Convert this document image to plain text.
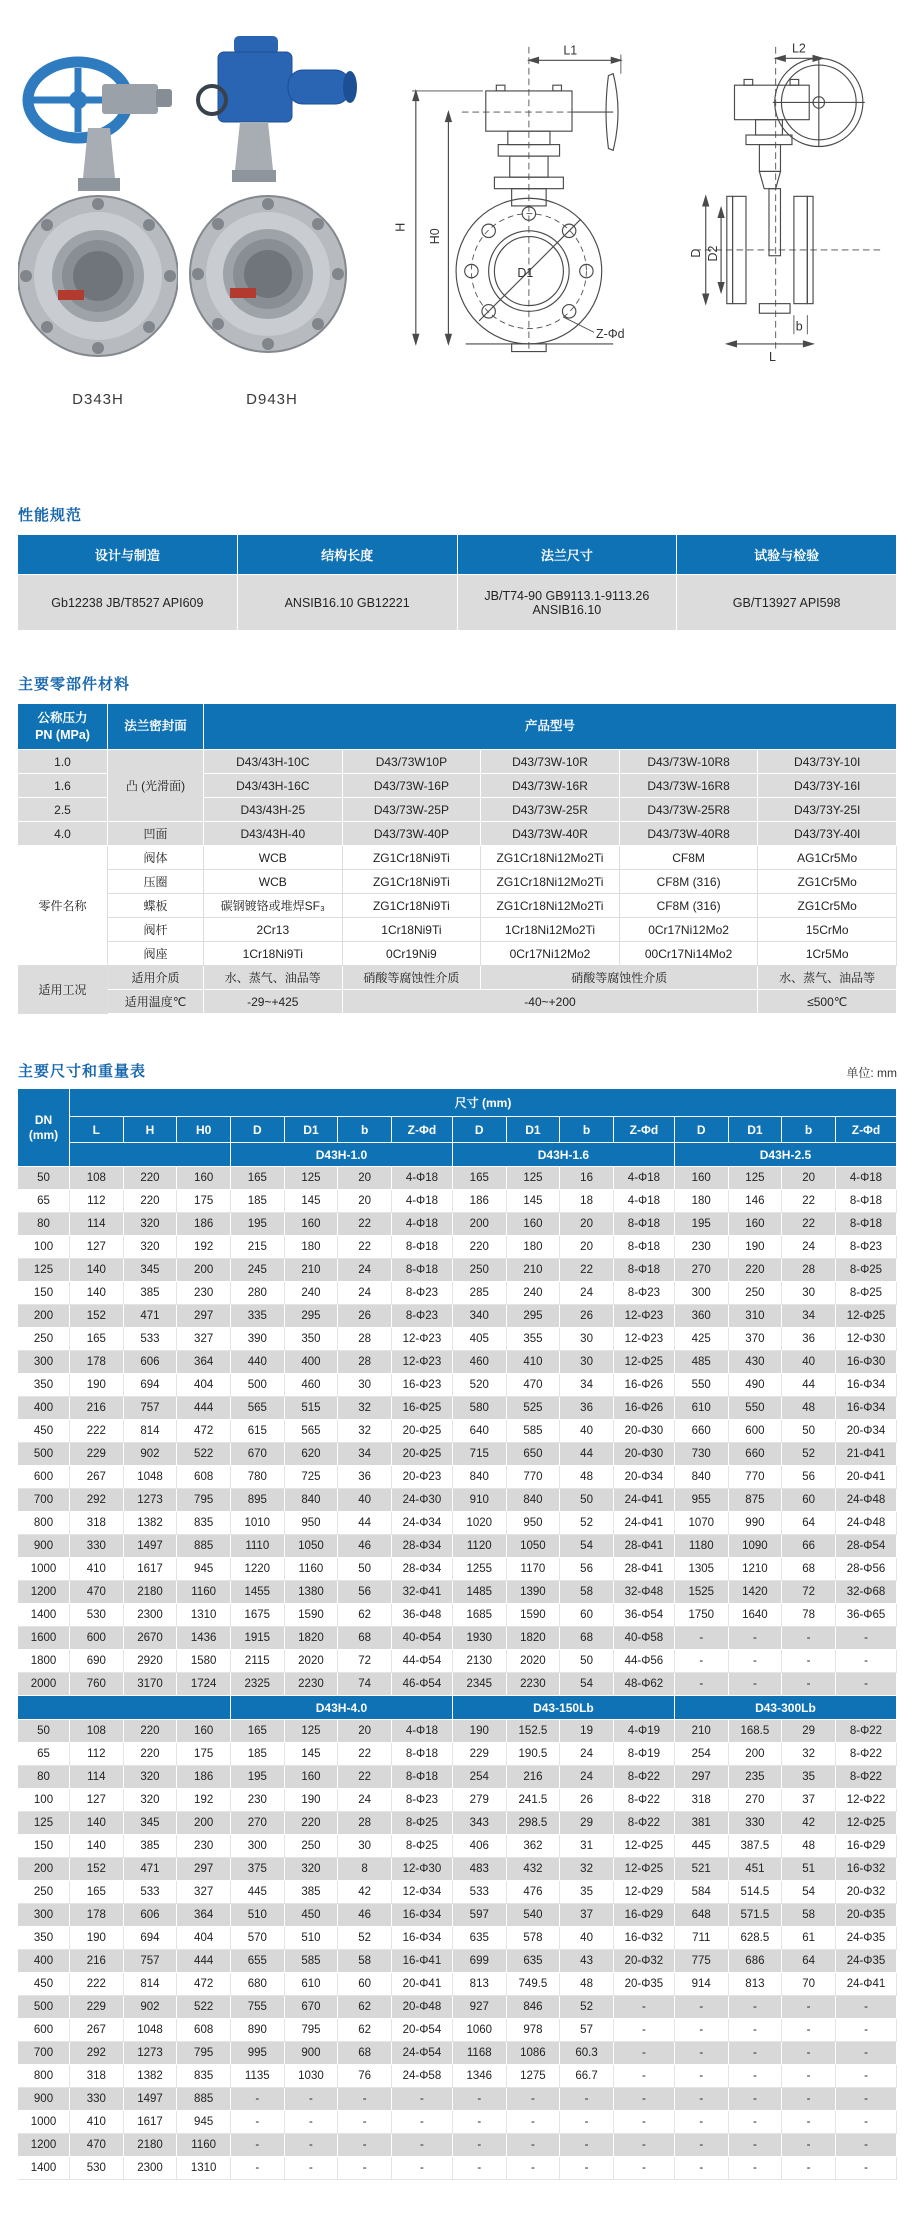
D343H	D943H
H
H0
L1
D1
Z-Φd
D D2
b
L
L2
性能规范
设计与制造	结构长度	法兰尺寸	试验与检验
Gb12238 JB/T8527 API609	ANSIB16.10 GB12221	JB/T74-90 GB9113.1-9113.26 ANSIB16.10	GB/T13927 API598
主要零部件材料
公称压力
PN (MPa)	法兰密封面	产品型号				
1.0	凸 (光滑面)	D43/43H-10C	D43/73W10P	D43/73W-10R	D43/73W-10R8	D43/73Y-10I
1.6		D43/43H-16C	D43/73W-16P	D43/73W-16R	D43/73W-16R8	D43/73Y-16I
2.5		D43/43H-25	D43/73W-25P	D43/73W-25R	D43/73W-25R8	D43/73Y-25I
4.0	凹面	D43/43H-40	D43/73W-40P	D43/73W-40R	D43/73W-40R8	D43/73Y-40I
零件名称	阀体	WCB	ZG1Cr18Ni9Ti	ZG1Cr18Ni12Mo2Ti	CF8M	AG1Cr5Mo
	压圈	WCB	ZG1Cr18Ni9Ti	ZG1Cr18Ni12Mo2Ti	CF8M (316)	ZG1Cr5Mo
	蝶板	碳钢镀铬或堆焊SF₃	ZG1Cr18Ni9Ti	ZG1Cr18Ni12Mo2Ti	CF8M (316)	ZG1Cr5Mo
	阀杆	2Cr13	1Cr18Ni9Ti	1Cr18Ni12Mo2Ti	0Cr17Ni12Mo2	15CrMo
	阀座	1Cr18Ni9Ti	0Cr19Ni9	0Cr17Ni12Mo2	00Cr17Ni14Mo2	1Cr5Mo
适用工况	适用介质	水、蒸气、油品等	硝酸等腐蚀性介质	硝酸等腐蚀性介质		水、蒸气、油品等
	适用温度℃	-29~+425	-40~+200			≤500℃
主要尺寸和重量表	单位: mm
DN
(mm)	尺寸 (mm)														
	L	H	H0	D	D1	b	Z-Φd	D	D1	b	Z-Φd	D	D1	b	Z-Φd
				D43H-1.0				D43H-1.6				D43H-2.5			
50	108	220	160	165	125	20	4-Φ18	165	125	16	4-Φ18	160	125	20	4-Φ18
65	112	220	175	185	145	20	4-Φ18	186	145	18	4-Φ18	180	146	22	8-Φ18
80	114	320	186	195	160	22	4-Φ18	200	160	20	8-Φ18	195	160	22	8-Φ18
100	127	320	192	215	180	22	8-Φ18	220	180	20	8-Φ18	230	190	24	8-Φ23
125	140	345	200	245	210	24	8-Φ18	250	210	22	8-Φ18	270	220	28	8-Φ25
150	140	385	230	280	240	24	8-Φ23	285	240	24	8-Φ23	300	250	30	8-Φ25
200	152	471	297	335	295	26	8-Φ23	340	295	26	12-Φ23	360	310	34	12-Φ25
250	165	533	327	390	350	28	12-Φ23	405	355	30	12-Φ23	425	370	36	12-Φ30
300	178	606	364	440	400	28	12-Φ23	460	410	30	12-Φ25	485	430	40	16-Φ30
350	190	694	404	500	460	30	16-Φ23	520	470	34	16-Φ26	550	490	44	16-Φ34
400	216	757	444	565	515	32	16-Φ25	580	525	36	16-Φ26	610	550	48	16-Φ34
450	222	814	472	615	565	32	20-Φ25	640	585	40	20-Φ30	660	600	50	20-Φ34
500	229	902	522	670	620	34	20-Φ25	715	650	44	20-Φ30	730	660	52	21-Φ41
600	267	1048	608	780	725	36	20-Φ23	840	770	48	20-Φ34	840	770	56	20-Φ41
700	292	1273	795	895	840	40	24-Φ30	910	840	50	24-Φ41	955	875	60	24-Φ48
800	318	1382	835	1010	950	44	24-Φ34	1020	950	52	24-Φ41	1070	990	64	24-Φ48
900	330	1497	885	1110	1050	46	28-Φ34	1120	1050	54	28-Φ41	1180	1090	66	28-Φ54
1000	410	1617	945	1220	1160	50	28-Φ34	1255	1170	56	28-Φ41	1305	1210	68	28-Φ56
1200	470	2180	1160	1455	1380	56	32-Φ41	1485	1390	58	32-Φ48	1525	1420	72	32-Φ68
1400	530	2300	1310	1675	1590	62	36-Φ48	1685	1590	60	36-Φ54	1750	1640	78	36-Φ65
1600	600	2670	1436	1915	1820	68	40-Φ54	1930	1820	68	40-Φ58	-	-	-	-
1800	690	2920	1580	2115	2020	72	44-Φ54	2130	2020	50	44-Φ56	-	-	-	-
2000	760	3170	1724	2325	2230	74	46-Φ54	2345	2230	54	48-Φ62	-	-	-	-
				D43H-4.0				D43-150Lb				D43-300Lb			
50	108	220	160	165	125	20	4-Φ18	190	152.5	19	4-Φ19	210	168.5	29	8-Φ22
65	112	220	175	185	145	22	8-Φ18	229	190.5	24	8-Φ19	254	200	32	8-Φ22
80	114	320	186	195	160	22	8-Φ18	254	216	24	8-Φ22	297	235	35	8-Φ22
100	127	320	192	230	190	24	8-Φ23	279	241.5	26	8-Φ22	318	270	37	12-Φ22
125	140	345	200	270	220	28	8-Φ25	343	298.5	29	8-Φ22	381	330	42	12-Φ25
150	140	385	230	300	250	30	8-Φ25	406	362	31	12-Φ25	445	387.5	48	16-Φ29
200	152	471	297	375	320	8	12-Φ30	483	432	32	12-Φ25	521	451	51	16-Φ32
250	165	533	327	445	385	42	12-Φ34	533	476	35	12-Φ29	584	514.5	54	20-Φ32
300	178	606	364	510	450	46	16-Φ34	597	540	37	16-Φ29	648	571.5	58	20-Φ35
350	190	694	404	570	510	52	16-Φ34	635	578	40	16-Φ32	711	628.5	61	24-Φ35
400	216	757	444	655	585	58	16-Φ41	699	635	43	20-Φ32	775	686	64	24-Φ35
450	222	814	472	680	610	60	20-Φ41	813	749.5	48	20-Φ35	914	813	70	24-Φ41
500	229	902	522	755	670	62	20-Φ48	927	846	52	-	-	-	-	-
600	267	1048	608	890	795	62	20-Φ54	1060	978	57	-	-	-	-	-
700	292	1273	795	995	900	68	24-Φ54	1168	1086	60.3	-	-	-	-	-
800	318	1382	835	1135	1030	76	24-Φ58	1346	1275	66.7	-	-	-	-	-
900	330	1497	885	-	-	-	-	-	-	-	-	-	-	-	-
1000	410	1617	945	-	-	-	-	-	-	-	-	-	-	-	-
1200	470	2180	1160	-	-	-	-	-	-	-	-	-	-	-	-
1400	530	2300	1310	-	-	-	-	-	-	-	-	-	-	-	-
